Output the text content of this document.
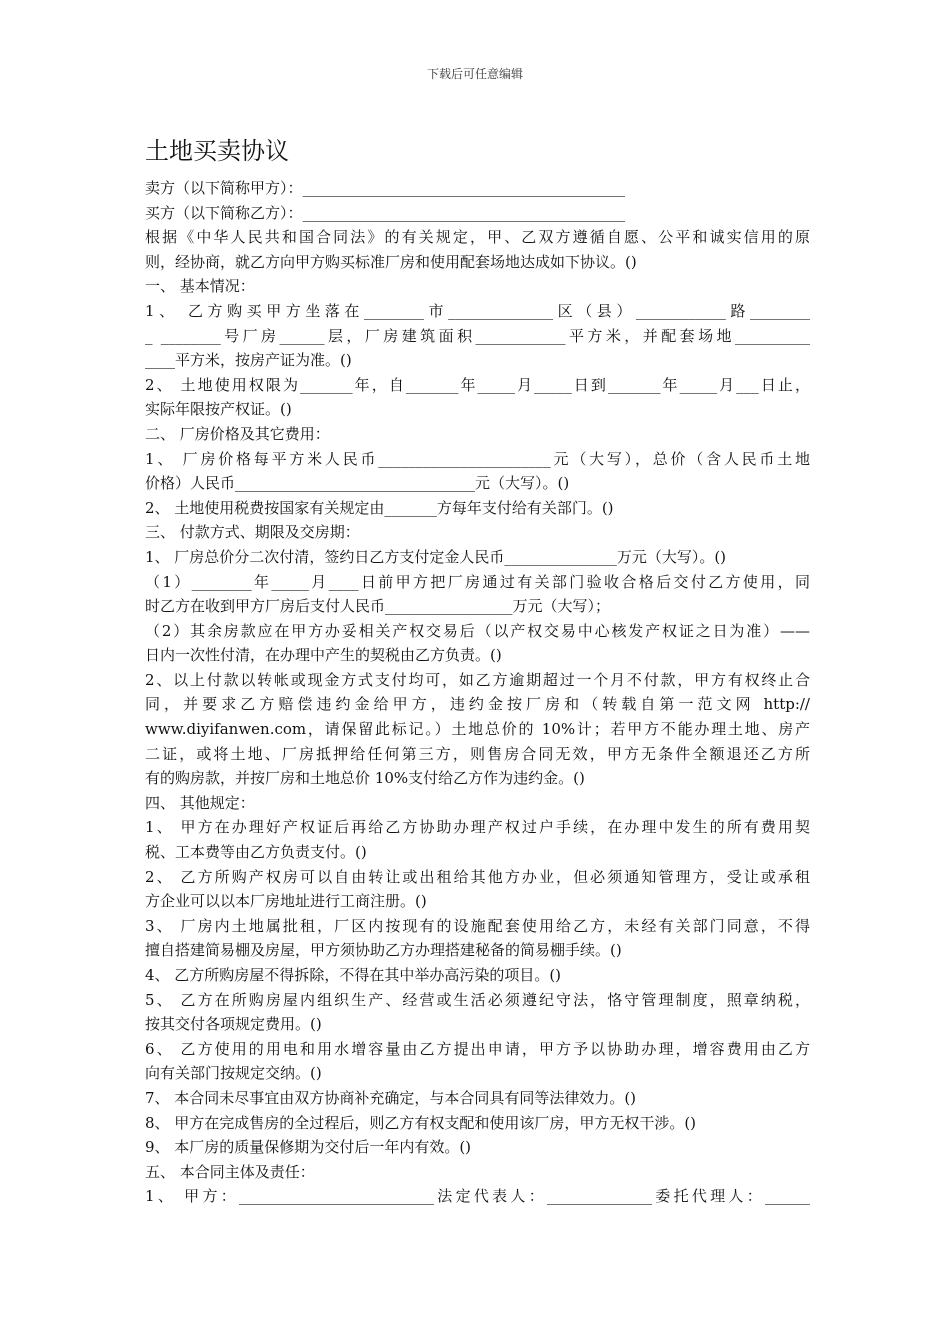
下载后可任意编辑
土地买卖协议
卖方（以下简称甲方）：___________________________________________
买方（以下简称乙方）：___________________________________________
根据《中华人民共和国合同法》的有关规定，甲、乙双方遵循自愿、公平和诚实信用的原
则，经协商，就乙方向甲方购买标准厂房和使用配套场地达成如下协议。()
一、 基本情况：
1、 乙方购买甲方坐落在________市______________区（县）____________路________
_ ________号厂房______层，厂房建筑面积____________平方米，并配套场地__________
____平方米，按房产证为准。()
2、 土地使用权限为_______年，自_______年_____月_____日到_______年_____月___日止，
实际年限按产权证。()
二、 厂房价格及其它费用：
1、 厂房价格每平方米人民币_______________________元（大写），总价（含人民币土地
价格）人民币________________________________元（大写）。()
2、 土地使用税费按国家有关规定由_______方每年支付给有关部门。()
三、 付款方式、期限及交房期：
1、 厂房总价分二次付清，签约日乙方支付定金人民币_______________万元（大写）。()
（1）________年_____月____日前甲方把厂房通过有关部门验收合格后交付乙方使用，同
时乙方在收到甲方厂房后支付人民币_________________万元（大写）；
（2）其余房款应在甲方办妥相关产权交易后（以产权交易中心核发产权证之日为准）——
日内一次性付清，在办理中产生的契税由乙方负责。()
2、以上付款以转帐或现金方式支付均可，如乙方逾期超过一个月不付款，甲方有权终止合
同，并要求乙方赔偿违约金给甲方，违约金按厂房和（转载自第一范文网 http://
www.diyifanwen.com，请保留此标记。）土地总价的 10%计；若甲方不能办理土地、房产
二证，或将土地、厂房抵押给任何第三方，则售房合同无效，甲方无条件全额退还乙方所
有的购房款，并按厂房和土地总价 10%支付给乙方作为违约金。()
四、 其他规定：
1、 甲方在办理好产权证后再给乙方协助办理产权过户手续，在办理中发生的所有费用契
税、工本费等由乙方负责支付。()
2、 乙方所购产权房可以自由转让或出租给其他方办业，但必须通知管理方，受让或承租
方企业可以以本厂房地址进行工商注册。()
3、 厂房内土地属批租，厂区内按现有的设施配套使用给乙方，未经有关部门同意，不得
擅自搭建简易棚及房屋，甲方须协助乙方办理搭建秘备的简易棚手续。()
4、 乙方所购房屋不得拆除，不得在其中举办高污染的项目。()
5、 乙方在所购房屋内组织生产、经营或生活必须遵纪守法，恪守管理制度，照章纳税，
按其交付各项规定费用。()
6、 乙方使用的用电和用水增容量由乙方提出申请，甲方予以协助办理，增容费用由乙方
向有关部门按规定交纳。()
7、 本合同未尽事宜由双方协商补充确定，与本合同具有同等法律效力。()
8、 甲方在完成售房的全过程后，则乙方有权支配和使用该厂房，甲方无权干涉。()
9、 本厂房的质量保修期为交付后一年内有效。()
五、 本合同主体及责任：
1、 甲方：__________________________法定代表人：______________委托代理人：______
